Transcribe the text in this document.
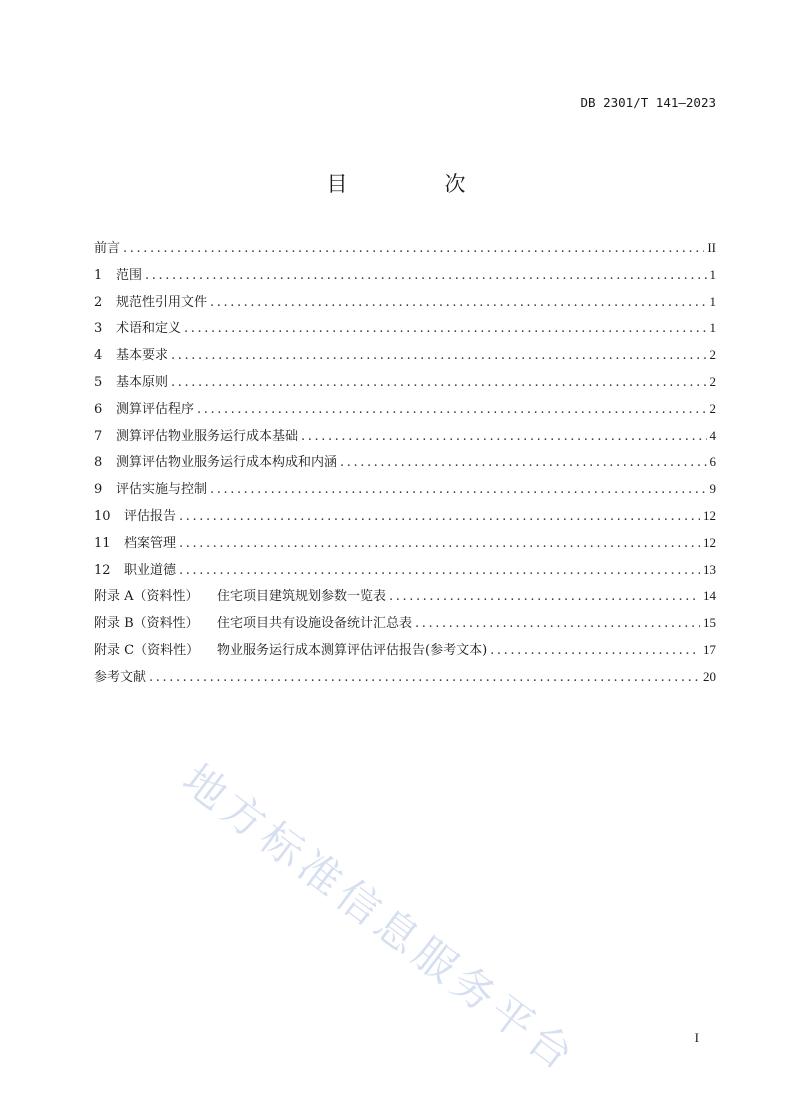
DB 2301/T 141—2023
目　次
前言 .....	II
1	范围 .....	1
2	规范性引用文件 .....	1
3	术语和定义 .....	1
4	基本要求 .....	2
5	基本原则 .....	2
6	测算评估程序 .....	2
7	测算评估物业服务运行成本基础 .....	4
8	测算评估物业服务运行成本构成和内涵 .....	6
9	评估实施与控制 .....	9
10	评估报告 .....	12
11	档案管理 .....	12
12	职业道德 .....	13
附录 A（资料性）	住宅项目建筑规划参数一览表 .....	14
附录 B（资料性）	住宅项目共有设施设备统计汇总表 .....	15
附录 C（资料性）	物业服务运行成本测算评估评估报告(参考文本) .....	17
参考文献 .....	20
地方标准信息服务平台	I
